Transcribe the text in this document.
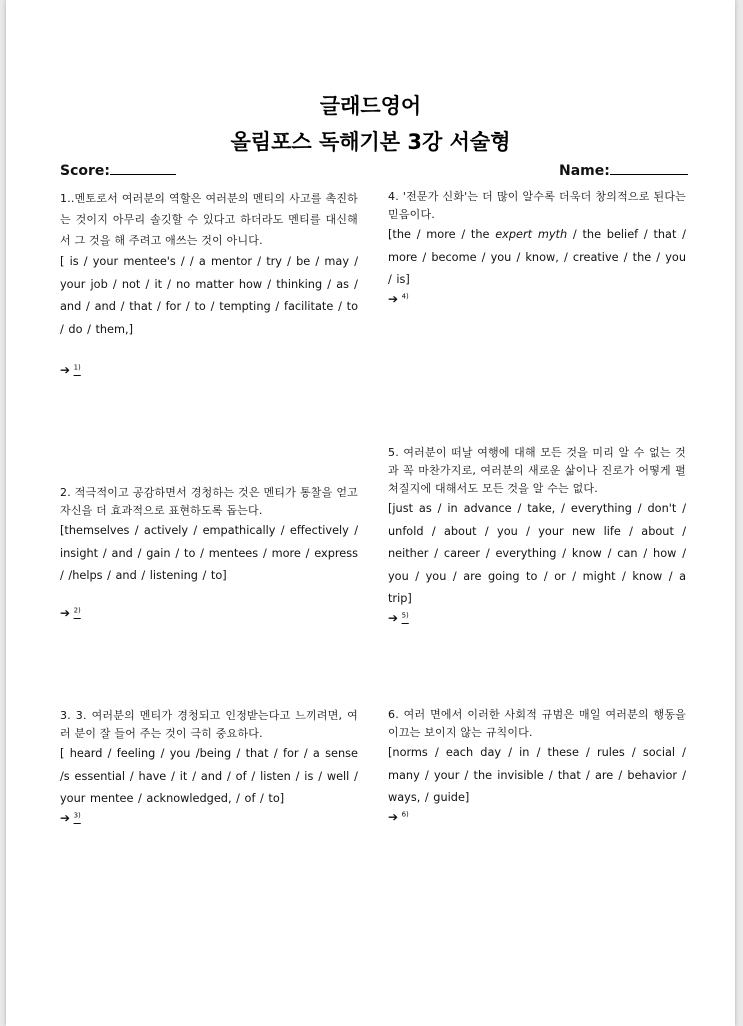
글래드영어
올림포스 독해기본 3강 서술형
Score:	Name:
1..멘토로서 여러분의 역할은 여러분의 멘티의 사고를 촉진하는 것이지 아무리 솔깃할 수 있다고 하더라도 멘티를 대신해서 그 것을 해 주려고 애쓰는 것이 아니다.
[ is / your mentee's / / a mentor / try / be / may / your job / not / it / no matter how / thinking / as / and / and / that / for / to / tempting / facilitate / to / do / them,]
➔ $^{1)}$
2. 적극적이고 공감하면서 경청하는 것은 멘티가 통찰을 얻고 자신을 더 효과적으로 표현하도록 돕는다.
[themselves / actively / empathically / effectively / insight / and / gain / to / mentees / more / express / /helps / and / listening / to]
➔ $^{2)}$
3. 3. 여러분의 멘티가 경청되고 인정받는다고 느끼려면, 여러 분이 잘 들어 주는 것이 극히 중요하다.
[ heard / feeling / you /being / that / for / a sense /s essential / have / it / and / of / listen / is / well / your mentee / acknowledged, / of / to]
➔ $^{3)}$
4. '전문가 신화'는 더 많이 알수록 더욱더 창의적으로 된다는 믿음이다.
[the / more / the expert myth / the belief / that / more / become / you / know, / creative / the / you / is]
➔ $^{4)}$
5. 여러분이 떠날 여행에 대해 모든 것을 미리 알 수 없는 것과 꼭 마찬가지로, 여러분의 새로운 삶이나 진로가 어떻게 펼쳐질지에 대해서도 모든 것을 알 수는 없다.
[just as / in advance / take, / everything / don't / unfold / about / you / your new life / about / neither / career / everything / know / can / how / you / you / are going to / or / might / know / a trip]
➔ $^{5)}$
6. 여러 면에서 이러한 사회적 규범은 매일 여러분의 행동을 이끄는 보이지 않는 규칙이다.
[norms / each day / in / these / rules / social / many / your / the invisible / that / are / behavior / ways, / guide]
➔ $^{6)}$
